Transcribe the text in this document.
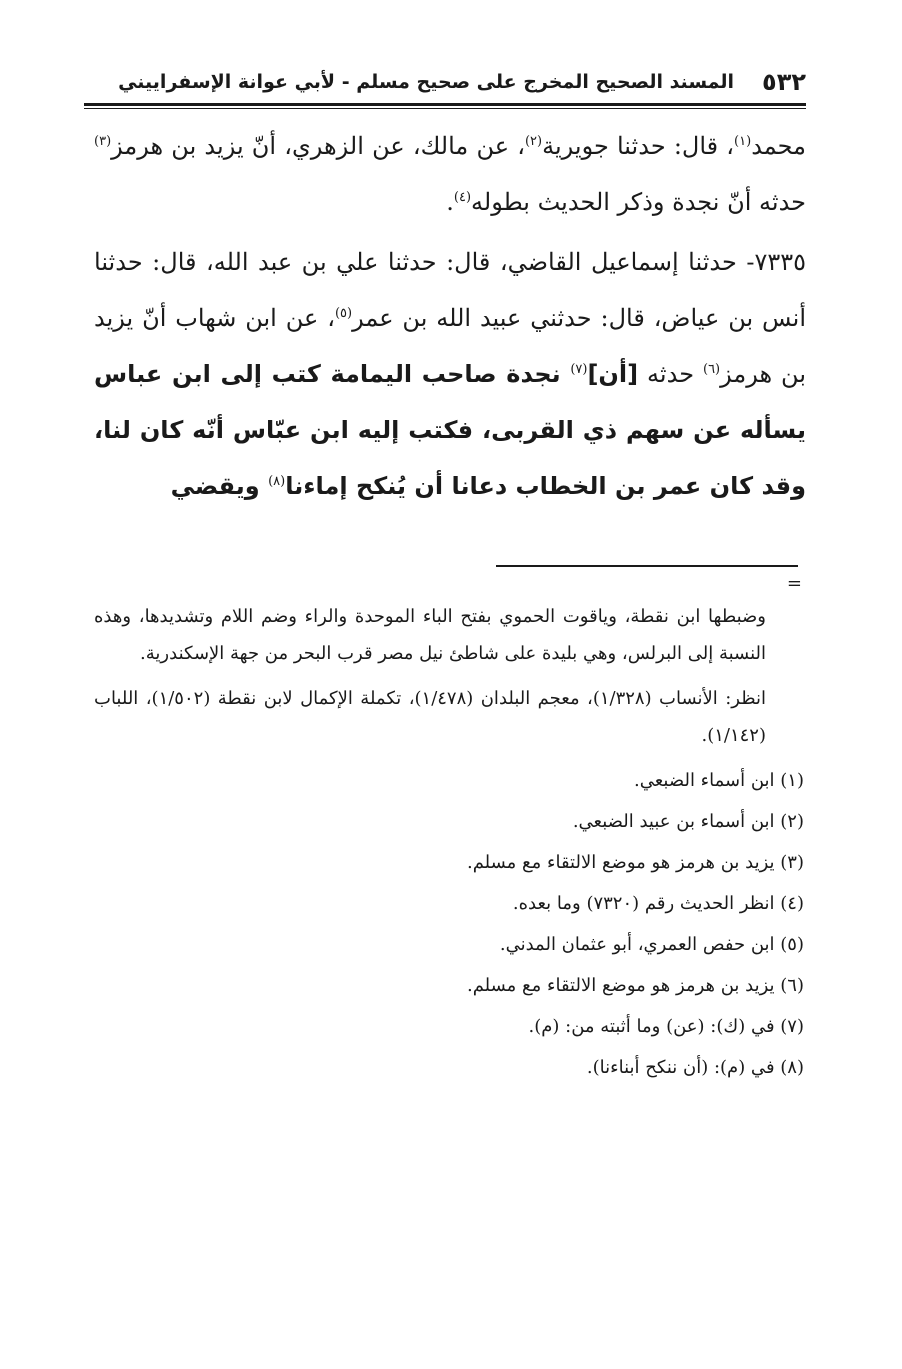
٥٣٢
المسند الصحيح المخرج على صحيح مسلم - لأبي عوانة الإسفراييني

محمد$^{(١)}$، قال: حدثنا جويرية$^{(٢)}$، عن مالك، عن الزهري، أنّ يزيد بن هرمز$^{(٣)}$ حدثه أنّ نجدة وذكر الحديث بطوله$^{(٤)}$.

٧٣٣٥- حدثنا إسماعيل القاضي، قال: حدثنا علي بن عبد الله، قال: حدثنا أنس بن عياض، قال: حدثني عبيد الله بن عمر$^{(٥)}$، عن ابن شهاب أنّ يزيد بن هرمز$^{(٦)}$ حدثه [أن]$^{(٧)}$ نجدة صاحب اليمامة كتب إلى ابن عباس يسأله عن سهم ذي القربى، فكتب إليه ابن عبّاس أنّه كان لنا، وقد كان عمر بن الخطاب دعانا أن يُنكح إماءنا$^{(٨)}$ ويقضي

=

وضبطها ابن نقطة، وياقوت الحموي بفتح الباء الموحدة والراء وضم اللام وتشديدها، وهذه النسبة إلى البرلس، وهي بليدة على شاطئ نيل مصر قرب البحر من جهة الإسكندرية.

انظر: الأنساب (١/٣٢٨)، معجم البلدان (١/٤٧٨)، تكملة الإكمال لابن نقطة (١/٥٠٢)، اللباب (١/١٤٢).

(١) ابن أسماء الضبعي.

(٢) ابن أسماء بن عبيد الضبعي.

(٣) يزيد بن هرمز هو موضع الالتقاء مع مسلم.

(٤) انظر الحديث رقم (٧٣٢٠) وما بعده.

(٥) ابن حفص العمري، أبو عثمان المدني.

(٦) يزيد بن هرمز هو موضع الالتقاء مع مسلم.

(٧) في (ك): (عن) وما أثبته من: (م).

(٨) في (م): (أن ننكح أبناءنا).
